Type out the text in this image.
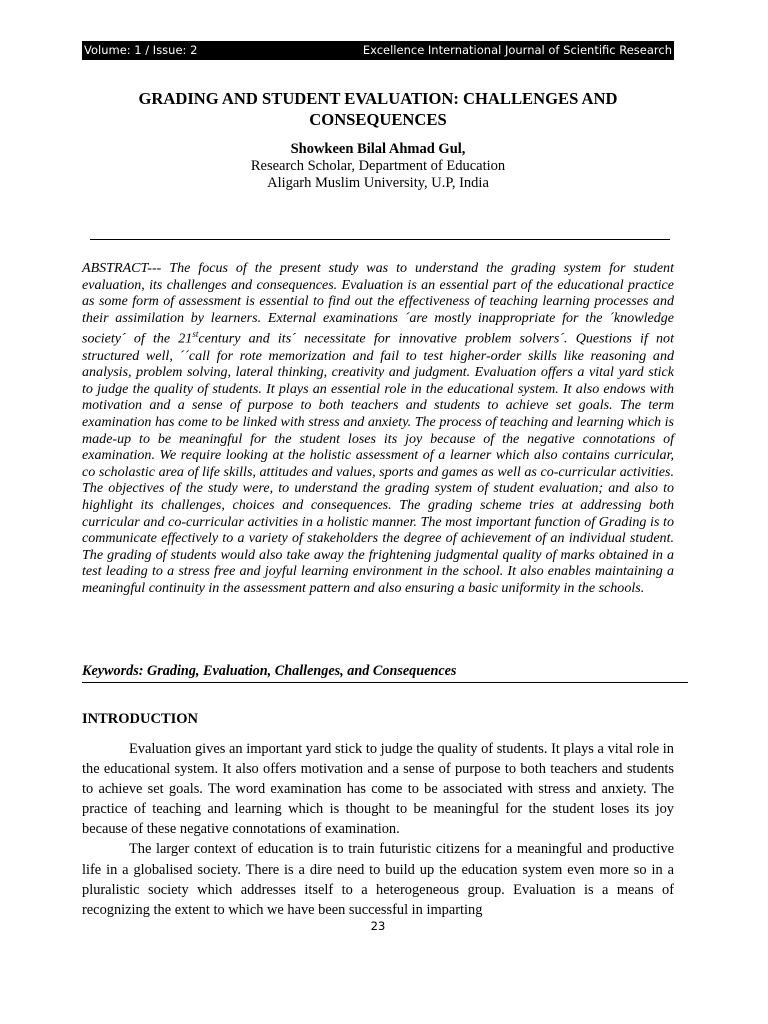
Volume: 1 / Issue: 2	Excellence International Journal of Scientific Research
GRADING AND STUDENT EVALUATION: CHALLENGES AND CONSEQUENCES
Showkeen Bilal Ahmad Gul,
Research Scholar, Department of Education
Aligarh Muslim University, U.P, India

ABSTRACT--- The focus of the present study was to understand the grading system for student evaluation, its challenges and consequences. Evaluation is an essential part of the educational practice as some form of assessment is essential to find out the effectiveness of teaching learning processes and their assimilation by learners. External examinations ´are mostly inappropriate for the ´knowledge society´ of the 21stcentury and its´ necessitate for innovative problem solvers´. Questions if not structured well, ´´call for rote memorization and fail to test higher-order skills like reasoning and analysis, problem solving, lateral thinking, creativity and judgment. Evaluation offers a vital yard stick to judge the quality of students. It plays an essential role in the educational system. It also endows with motivation and a sense of purpose to both teachers and students to achieve set goals. The term examination has come to be linked with stress and anxiety. The process of teaching and learning which is made-up to be meaningful for the student loses its joy because of the negative connotations of examination. We require looking at the holistic assessment of a learner which also contains curricular, co scholastic area of life skills, attitudes and values, sports and games as well as co-curricular activities. The objectives of the study were, to understand the grading system of student evaluation; and also to highlight its challenges, choices and consequences. The grading scheme tries at addressing both curricular and co-curricular activities in a holistic manner. The most important function of Grading is to communicate effectively to a variety of stakeholders the degree of achievement of an individual student. The grading of students would also take away the frightening judgmental quality of marks obtained in a test leading to a stress free and joyful learning environment in the school. It also enables maintaining a meaningful continuity in the assessment pattern and also ensuring a basic uniformity in the schools.

Keywords: Grading, Evaluation, Challenges, and Consequences

INTRODUCTION

Evaluation gives an important yard stick to judge the quality of students. It plays a vital role in the educational system. It also offers motivation and a sense of purpose to both teachers and students to achieve set goals. The word examination has come to be associated with stress and anxiety. The practice of teaching and learning which is thought to be meaningful for the student loses its joy because of these negative connotations of examination.

The larger context of education is to train futuristic citizens for a meaningful and productive life in a globalised society. There is a dire need to build up the education system even more so in a pluralistic society which addresses itself to a heterogeneous group. Evaluation is a means of recognizing the extent to which we have been successful in imparting

23
